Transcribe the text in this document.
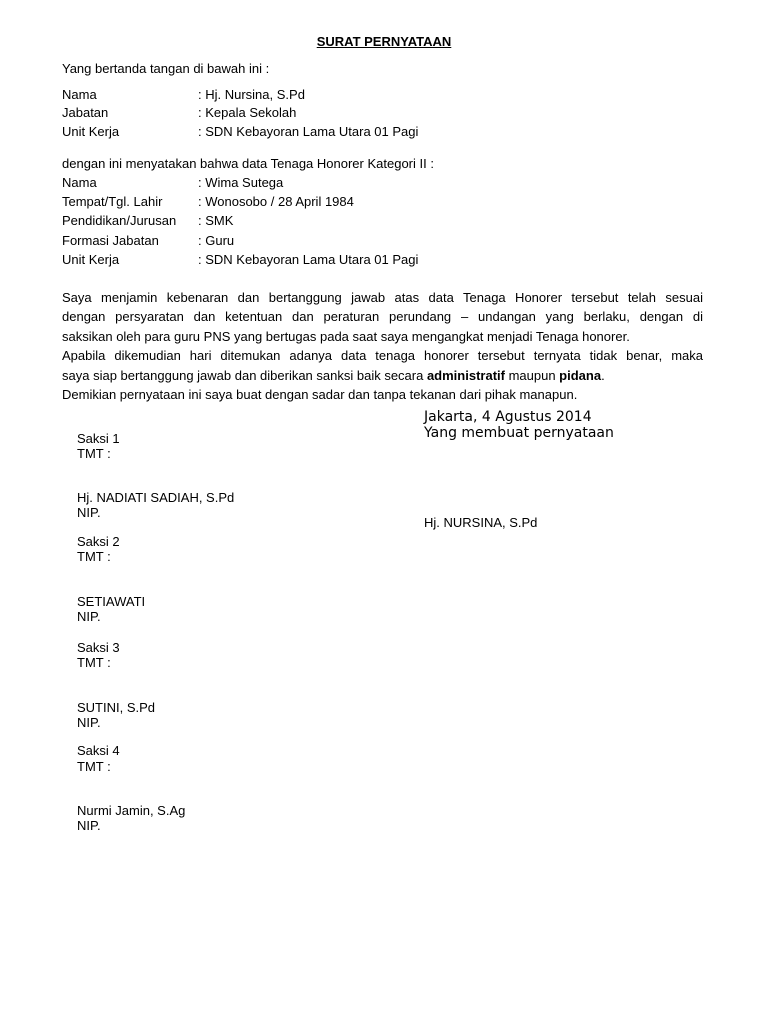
SURAT PERNYATAAN
Yang bertanda tangan di bawah ini :
Nama	: Hj. Nursina, S.Pd
Jabatan	: Kepala Sekolah
Unit Kerja	: SDN Kebayoran Lama Utara 01 Pagi
dengan ini menyatakan bahwa data Tenaga Honorer Kategori II :
Nama	: Wima Sutega
Tempat/Tgl. Lahir	: Wonosobo / 28 April 1984
Pendidikan/Jurusan : SMK
Formasi Jabatan	: Guru
Unit Kerja	: SDN Kebayoran Lama Utara 01 Pagi

Saya menjamin kebenaran dan bertanggung jawab atas data Tenaga Honorer tersebut telah sesuai

dengan persyaratan dan ketentuan dan peraturan perundang – undangan yang berlaku, dengan di

saksikan oleh para guru PNS yang bertugas pada saat saya mengangkat menjadi Tenaga honorer.

Apabila dikemudian hari ditemukan adanya data tenaga honorer tersebut ternyata tidak benar, maka

saya siap bertanggung jawab dan diberikan sanksi baik secara administratif maupun pidana.

Demikian pernyataan ini saya buat dengan sadar dan tanpa tekanan dari pihak manapun.

Jakarta, 4 Agustus 2014
Yang membuat pernyataan
Hj. NURSINA, S.Pd
Saksi 1
TMT :
Hj. NADIATI SADIAH, S.Pd
NIP.
Saksi 2
TMT :
SETIAWATI
NIP.
Saksi 3
TMT :
SUTINI, S.Pd
NIP.
Saksi 4
TMT :
Nurmi Jamin, S.Ag
NIP.
